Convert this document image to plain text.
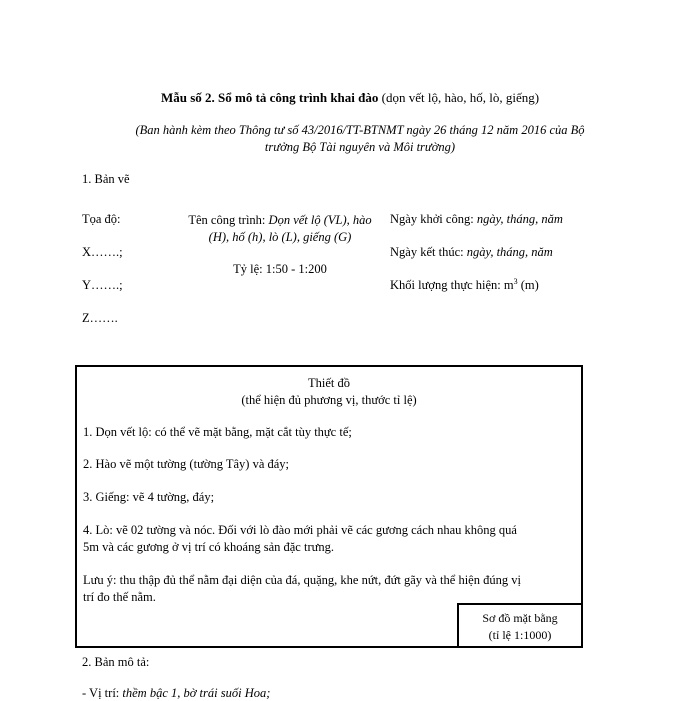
Mẫu số 2. Sổ mô tả công trình khai đào (dọn vết lộ, hào, hố, lò, giếng)
(Ban hành kèm theo Thông tư số 43/2016/TT-BTNMT ngày 26 tháng 12 năm 2016 của Bộ
trưởng Bộ Tài nguyên và Môi trường)
1. Bản vẽ
Tọa độ:
X…….;
Y…….;
Z…….
Tên công trình: Dọn vết lộ (VL), hào
(H), hố (h), lò (L), giếng (G)
Tỷ lệ: 1:50 - 1:200
Ngày khởi công: ngày, tháng, năm
Ngày kết thúc: ngày, tháng, năm
Khối lượng thực hiện: $m^3$ (m)
Thiết đồ
(thể hiện đủ phương vị, thước tỉ lệ)
1. Dọn vết lộ: có thể vẽ mặt bằng, mặt cắt tùy thực tế;
2. Hào vẽ một tường (tường Tây) và đáy;
3. Giếng: vẽ 4 tường, đáy;
4. Lò: vẽ 02 tường và nóc. Đối với lò đào mới phải vẽ các gương cách nhau không quá
5m và các gương ở vị trí có khoáng sản đặc trưng.
Lưu ý: thu thập đủ thể nằm đại diện của đá, quặng, khe nứt, đứt gãy và thể hiện đúng vị
trí đo thế nằm.
Sơ đồ mặt bằng
(tỉ lệ 1:1000)
2. Bản mô tả:
- Vị trí: thềm bậc 1, bờ trái suối Hoa;
